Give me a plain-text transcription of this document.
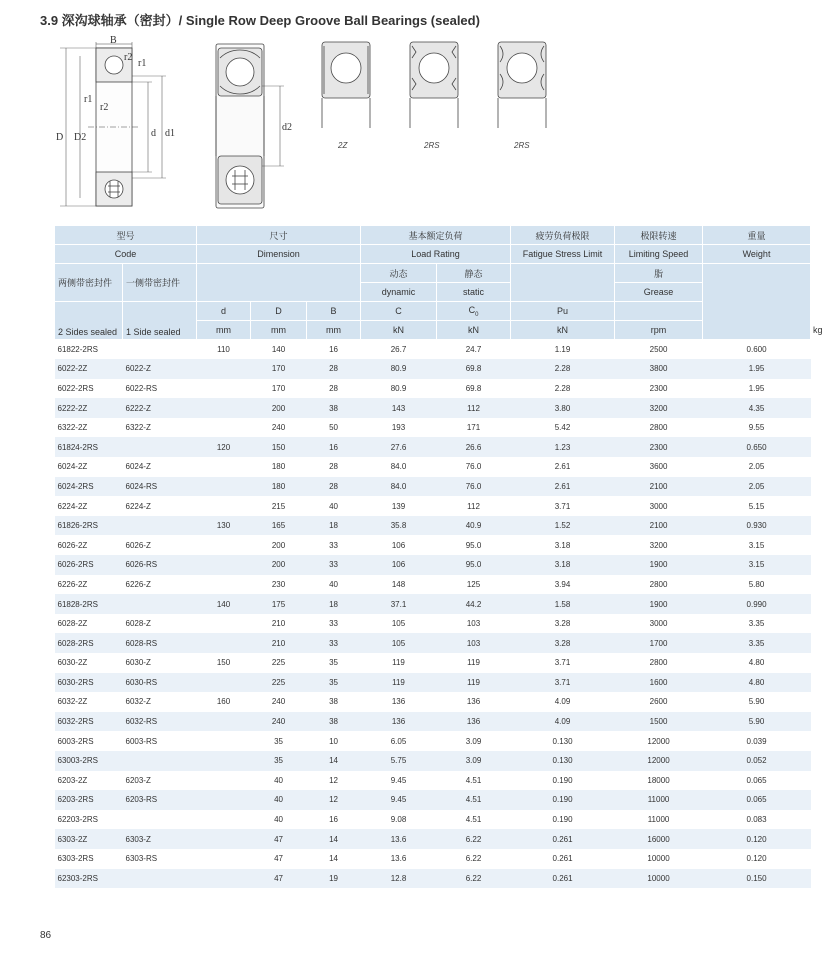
3.9 深沟球轴承（密封）/ Single Row Deep Groove Ball Bearings (sealed)
B
r2
r1
r1
r2
D D2	d d1
d2
2Z	2RS	2RS
型号		尺寸			基本额定负荷		疲劳负荷极限	极限转速	重量	
Code		Dimension			Load Rating		Fatigue Stress Limit	Limiting Speed	Weight	
两侧带密封件	一侧带密封件				动态	静态		脂		
					dynamic	static		Grease		
2 Sides sealed	1 Side sealed	d	D	B	C	$C_0$	Pu			
		mm	mm	mm	kN	kN	kN	rpm		kg
61822-2RS		110	140	16	26.7	24.7	1.19	2500	0.600	
6022-2Z	6022-Z		170	28	80.9	69.8	2.28	3800	1.95	
6022-2RS	6022-RS		170	28	80.9	69.8	2.28	2300	1.95	
6222-2Z	6222-Z		200	38	143	112	3.80	3200	4.35	
6322-2Z	6322-Z		240	50	193	171	5.42	2800	9.55	
61824-2RS		120	150	16	27.6	26.6	1.23	2300	0.650	
6024-2Z	6024-Z		180	28	84.0	76.0	2.61	3600	2.05	
6024-2RS	6024-RS		180	28	84.0	76.0	2.61	2100	2.05	
6224-2Z	6224-Z		215	40	139	112	3.71	3000	5.15	
61826-2RS		130	165	18	35.8	40.9	1.52	2100	0.930	
6026-2Z	6026-Z		200	33	106	95.0	3.18	3200	3.15	
6026-2RS	6026-RS		200	33	106	95.0	3.18	1900	3.15	
6226-2Z	6226-Z		230	40	148	125	3.94	2800	5.80	
61828-2RS		140	175	18	37.1	44.2	1.58	1900	0.990	
6028-2Z	6028-Z		210	33	105	103	3.28	3000	3.35	
6028-2RS	6028-RS		210	33	105	103	3.28	1700	3.35	
6030-2Z	6030-Z	150	225	35	119	119	3.71	2800	4.80	
6030-2RS	6030-RS		225	35	119	119	3.71	1600	4.80	
6032-2Z	6032-Z	160	240	38	136	136	4.09	2600	5.90	
6032-2RS	6032-RS		240	38	136	136	4.09	1500	5.90	
6003-2RS	6003-RS		35	10	6.05	3.09	0.130	12000	0.039	
63003-2RS			35	14	5.75	3.09	0.130	12000	0.052	
6203-2Z	6203-Z		40	12	9.45	4.51	0.190	18000	0.065	
6203-2RS	6203-RS		40	12	9.45	4.51	0.190	11000	0.065	
62203-2RS			40	16	9.08	4.51	0.190	11000	0.083	
6303-2Z	6303-Z		47	14	13.6	6.22	0.261	16000	0.120	
6303-2RS	6303-RS		47	14	13.6	6.22	0.261	10000	0.120	
62303-2RS			47	19	12.8	6.22	0.261	10000	0.150	
86
